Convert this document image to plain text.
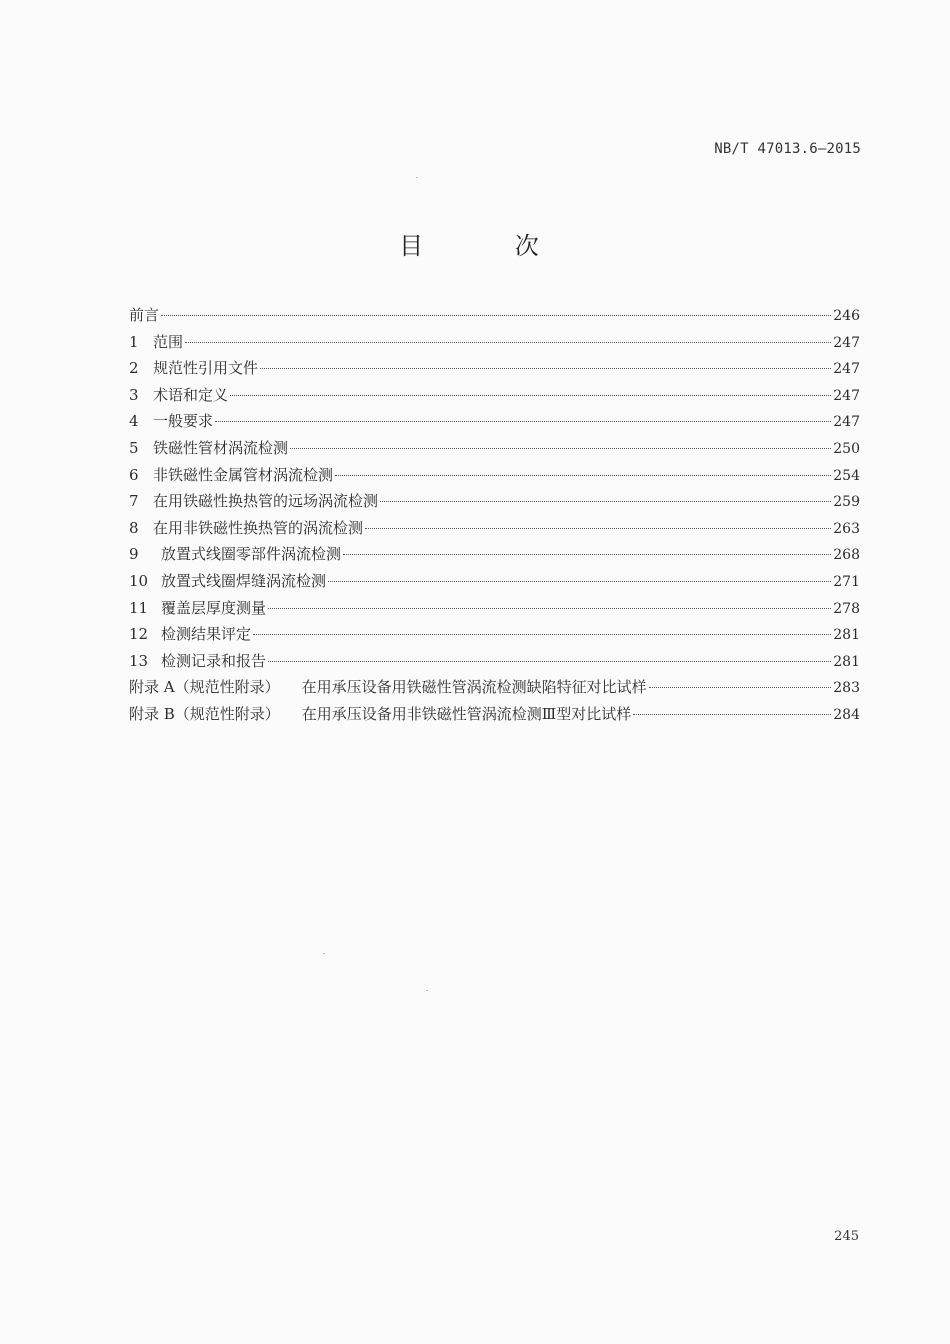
NB/T 47013.6—2015
目 次
前言	246
1 范围	247
2 规范性引用文件	247
3 术语和定义	247
4 一般要求	247
5 铁磁性管材涡流检测	250
6 非铁磁性金属管材涡流检测	254
7 在用铁磁性换热管的远场涡流检测	259
8 在用非铁磁性换热管的涡流检测	263
9	放置式线圈零部件涡流检测	268
10 放置式线圈焊缝涡流检测	271
11 覆盖层厚度测量	278
12 检测结果评定	281
13 检测记录和报告	281
附录 A（规范性附录） 在用承压设备用铁磁性管涡流检测缺陷特征对比试样	283
附录 B（规范性附录） 在用承压设备用非铁磁性管涡流检测Ⅲ型对比试样	284
245
